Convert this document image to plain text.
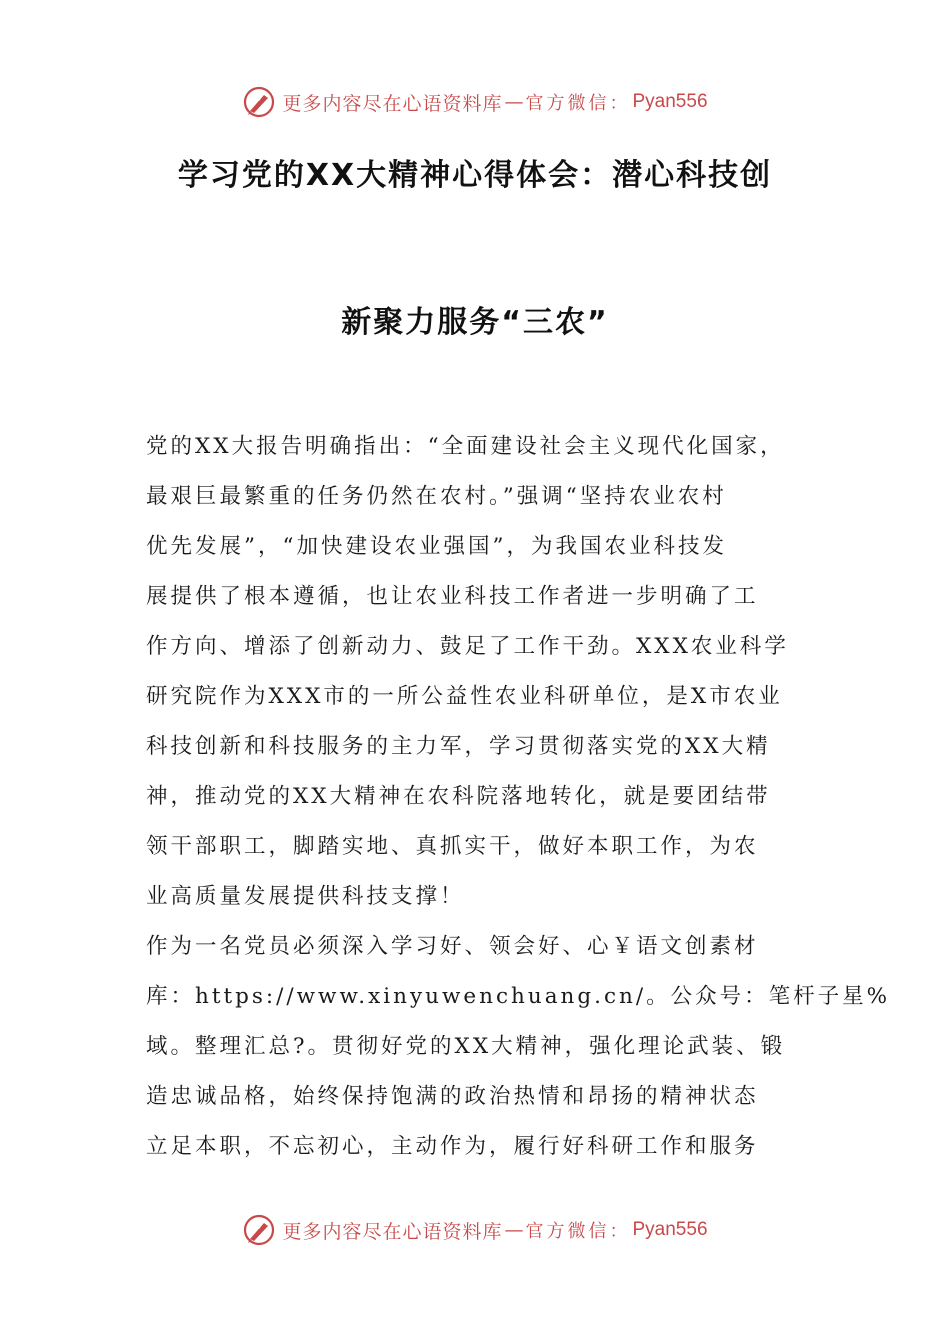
更多内容尽在心语资料库 — 官方微信： Pyan556
学习党的XX大精神心得体会：潜心科技创
新聚力服务“三农”
党的XX大报告明确指出：“全面建设社会主义现代化国家，
最艰巨最繁重的任务仍然在农村。”强调“坚持农业农村
优先发展”，“加快建设农业强国”，为我国农业科技发
展提供了根本遵循，也让农业科技工作者进一步明确了工
作方向、增添了创新动力、鼓足了工作干劲。XXX农业科学
研究院作为XXX市的一所公益性农业科研单位，是X市农业
科技创新和科技服务的主力军，学习贯彻落实党的XX大精
神，推动党的XX大精神在农科院落地转化，就是要团结带
领干部职工，脚踏实地、真抓实干，做好本职工作，为农
业高质量发展提供科技支撑！
作为一名党员必须深入学习好、领会好、心￥语文创素材
库：https://www.xinyuwenchuang.cn/。公众号：笔杆子星%
域。整理汇总?。贯彻好党的XX大精神，强化理论武装、锻
造忠诚品格，始终保持饱满的政治热情和昂扬的精神状态
立足本职，不忘初心，主动作为，履行好科研工作和服务
更多内容尽在心语资料库 — 官方微信： Pyan556
